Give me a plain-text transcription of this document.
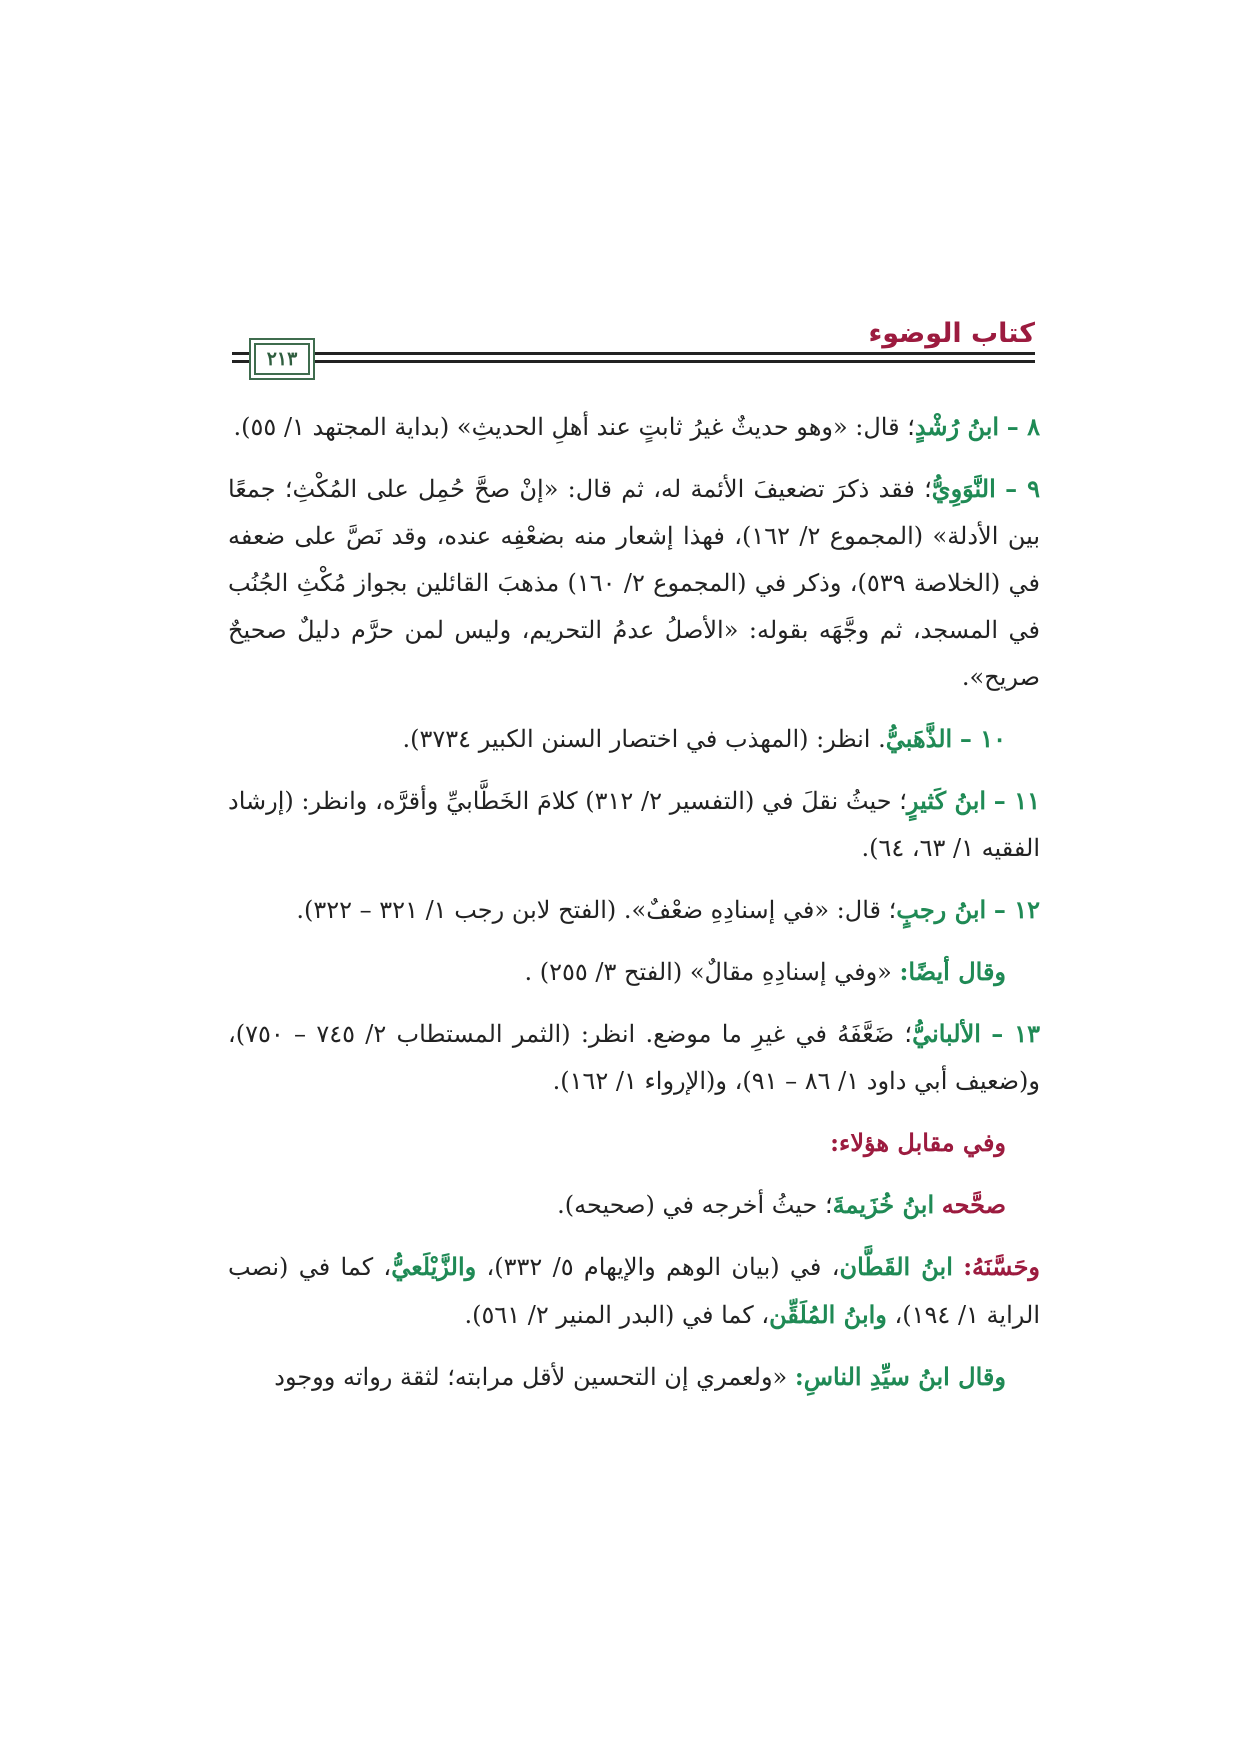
كتاب الوضوء
٢١٣

٨ – ابنُ رُشْدٍ؛ قال: «وهو حديثٌ غيرُ ثابتٍ عند أهلِ الحديثِ» (بداية المجتهد ١/ ٥٥).

٩ – النَّوَوِيُّ؛ فقد ذكرَ تضعيفَ الأئمة له، ثم قال: «إنْ صحَّ حُمِل على المُكْثِ؛ جمعًا بين الأدلة» (المجموع ٢/ ١٦٢)، فهذا إشعار منه بضعْفِه عنده، وقد نَصَّ على ضعفه في (الخلاصة ٥٣٩)، وذكر في (المجموع ٢/ ١٦٠) مذهبَ القائلين بجواز مُكْثِ الجُنُب في المسجد، ثم وجَّهَه بقوله: «الأصلُ عدمُ التحريم، وليس لمن حرَّم دليلٌ صحيحٌ صريح».

١٠ – الذَّهَبيُّ. انظر: (المهذب في اختصار السنن الكبير ٣٧٣٤).

١١ – ابنُ كَثيرٍ؛ حيثُ نقلَ في (التفسير ٢/ ٣١٢) كلامَ الخَطَّابيِّ وأقرَّه، وانظر: (إرشاد الفقيه ١/ ٦٣، ٦٤).

١٢ – ابنُ رجبٍ؛ قال: «في إسنادِهِ ضعْفٌ». (الفتح لابن رجب ١/ ٣٢١ – ٣٢٢).

وقال أيضًا: «وفي إسنادِهِ مقالٌ» (الفتح ٣/ ٢٥٥) .

١٣ – الألبانيُّ؛ ضَعَّفَهُ في غيرِ ما موضع. انظر: (الثمر المستطاب ٢/ ٧٤٥ – ٧٥٠)، و(ضعيف أبي داود ١/ ٨٦ – ٩١)، و(الإرواء ١/ ١٦٢).

وفي مقابل هؤلاء:

صحَّحه ابنُ خُزَيمةَ؛ حيثُ أخرجه في (صحيحه).

وحَسَّنَهُ: ابنُ القَطَّان، في (بيان الوهم والإيهام ٥/ ٣٣٢)، والزَّيْلَعيُّ، كما في (نصب الراية ١/ ١٩٤)، وابنُ المُلَقِّن، كما في (البدر المنير ٢/ ٥٦١).

وقال ابنُ سيِّدِ الناسِ: «ولعمري إن التحسين لأقل مرابته؛ لثقة رواته ووجود
